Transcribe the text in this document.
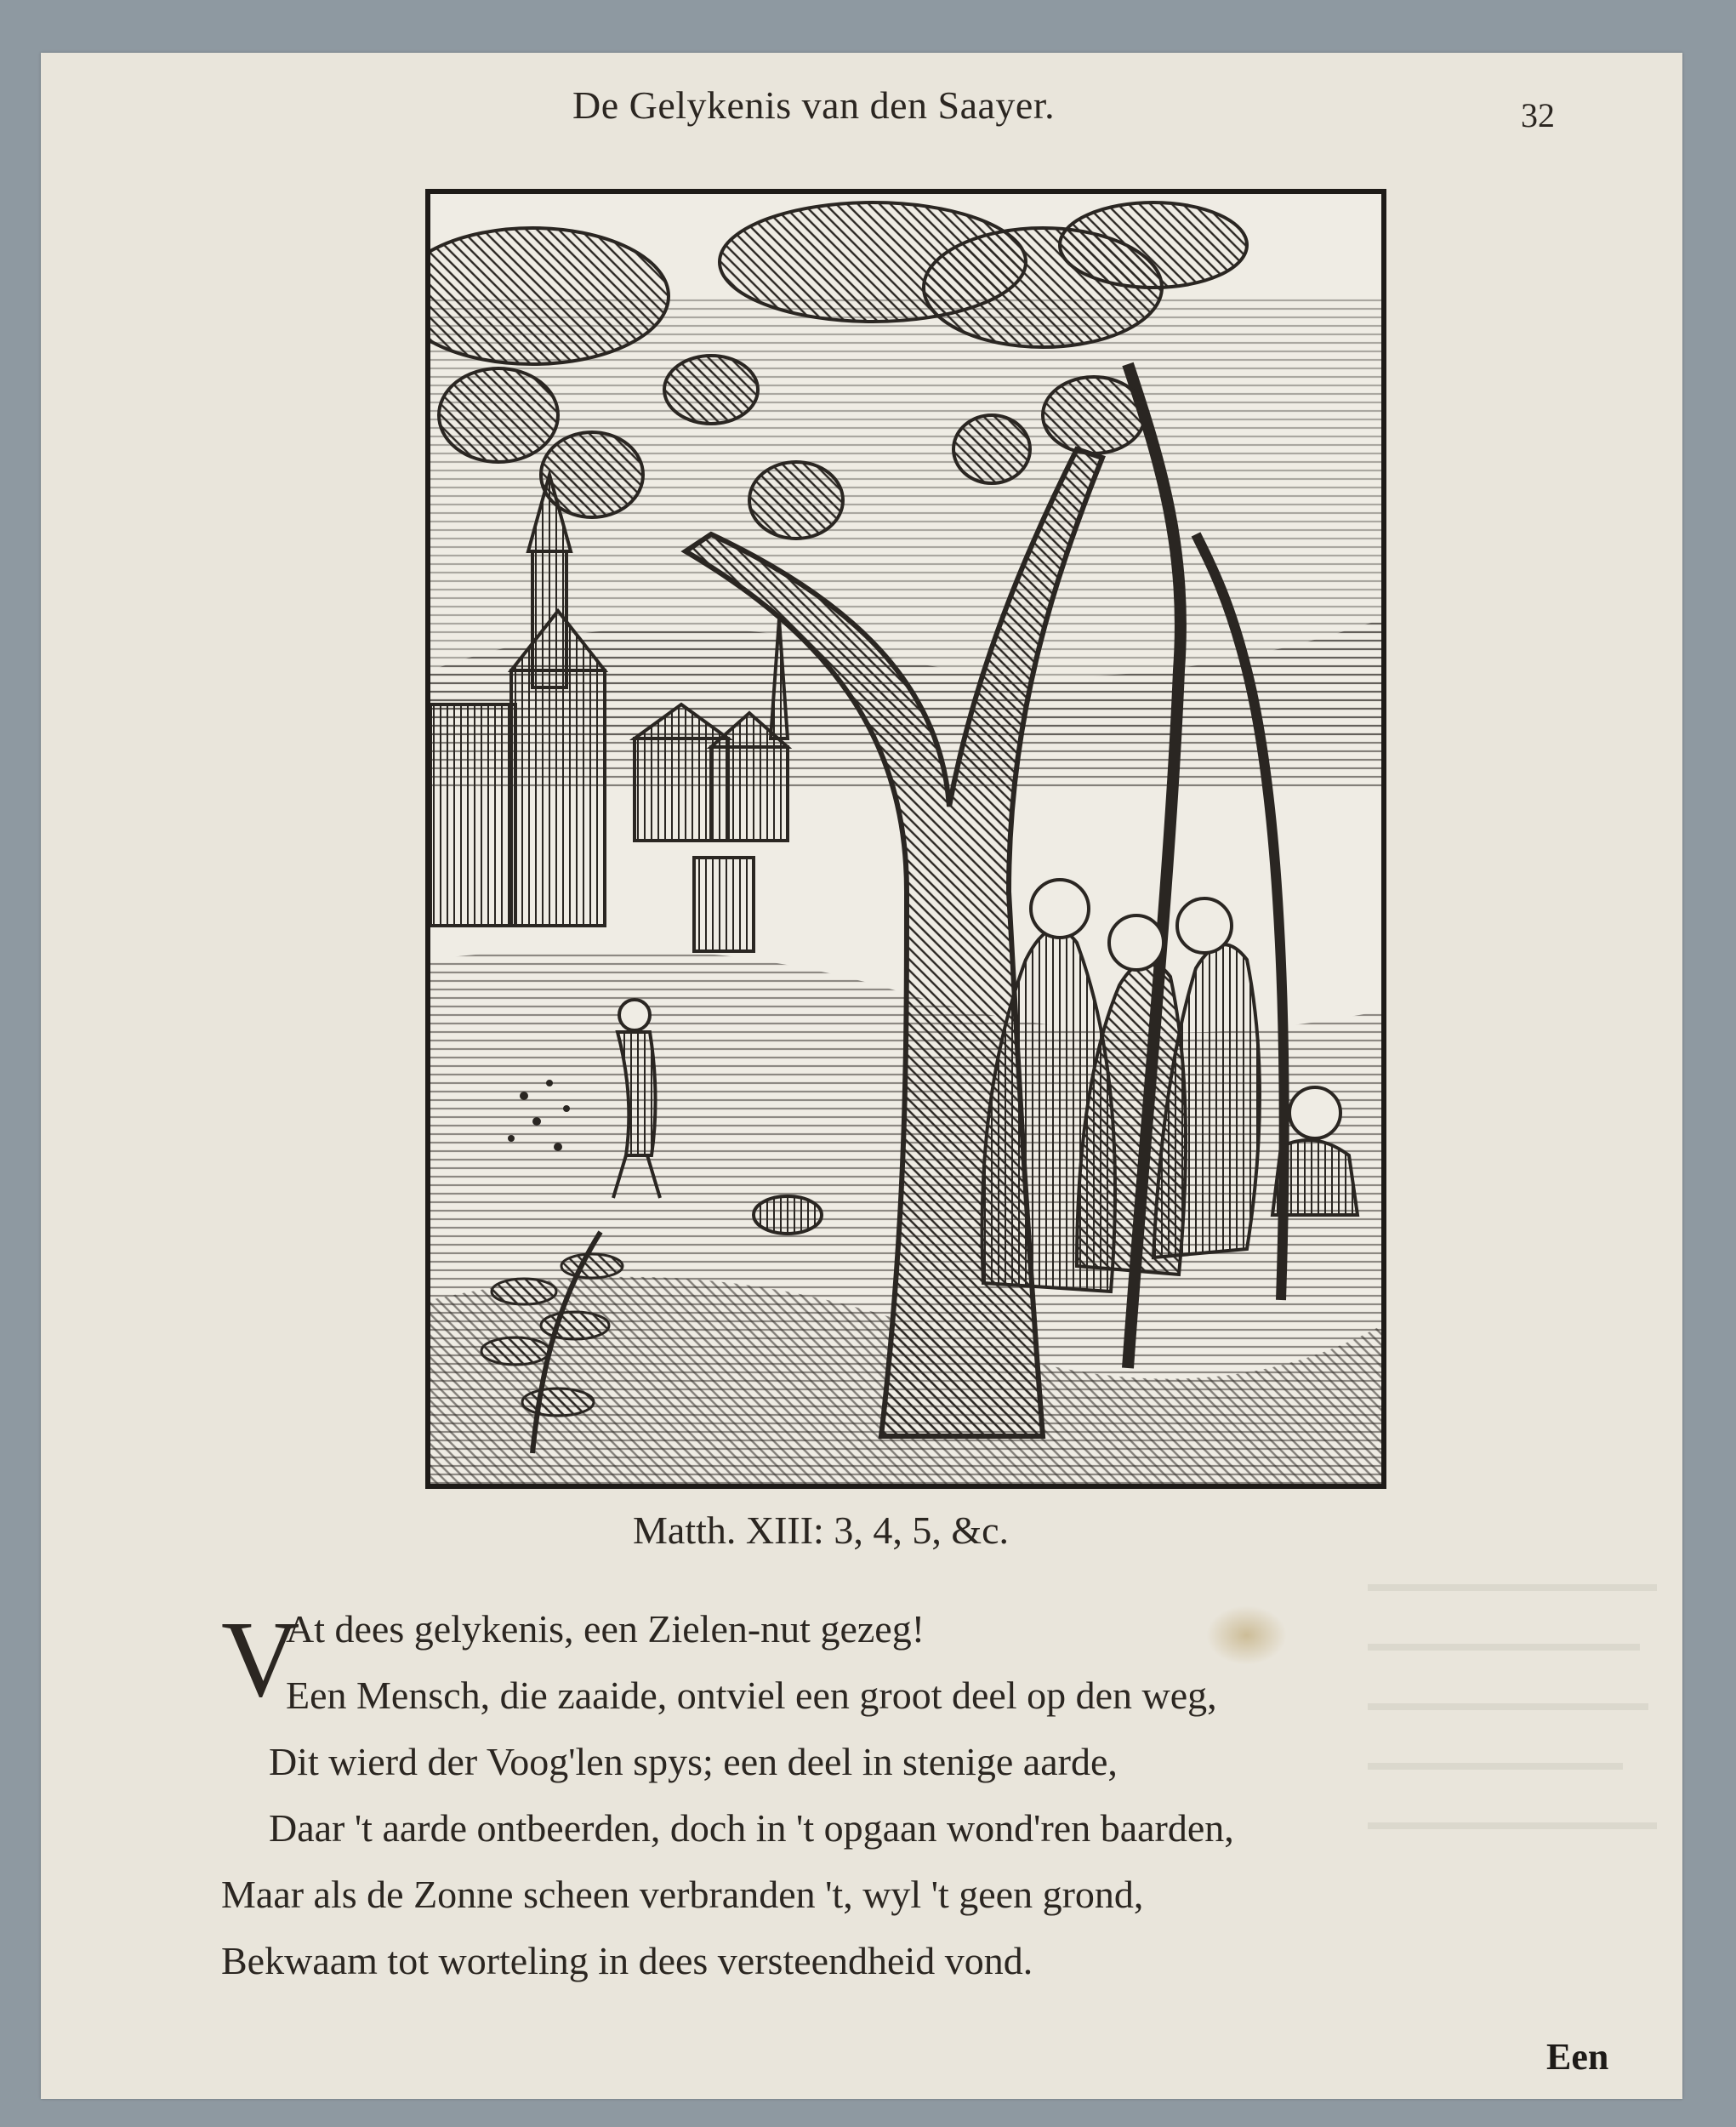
De Gelykenis van den Saayer.	32
Matth. XIII: 3, 4, 5, &c.
V
At dees gelykenis, een Zielen-nut gezeg!
Een Mensch, die zaaide, ontviel een groot deel op den weg,
Dit wierd der Voog'len spys; een deel in stenige aarde,
Daar 't aarde ontbeerden, doch in 't opgaan wond'ren baarden,
Maar als de Zonne scheen verbranden 't, wyl 't geen grond,
Bekwaam tot worteling in dees versteendheid vond.
Een
